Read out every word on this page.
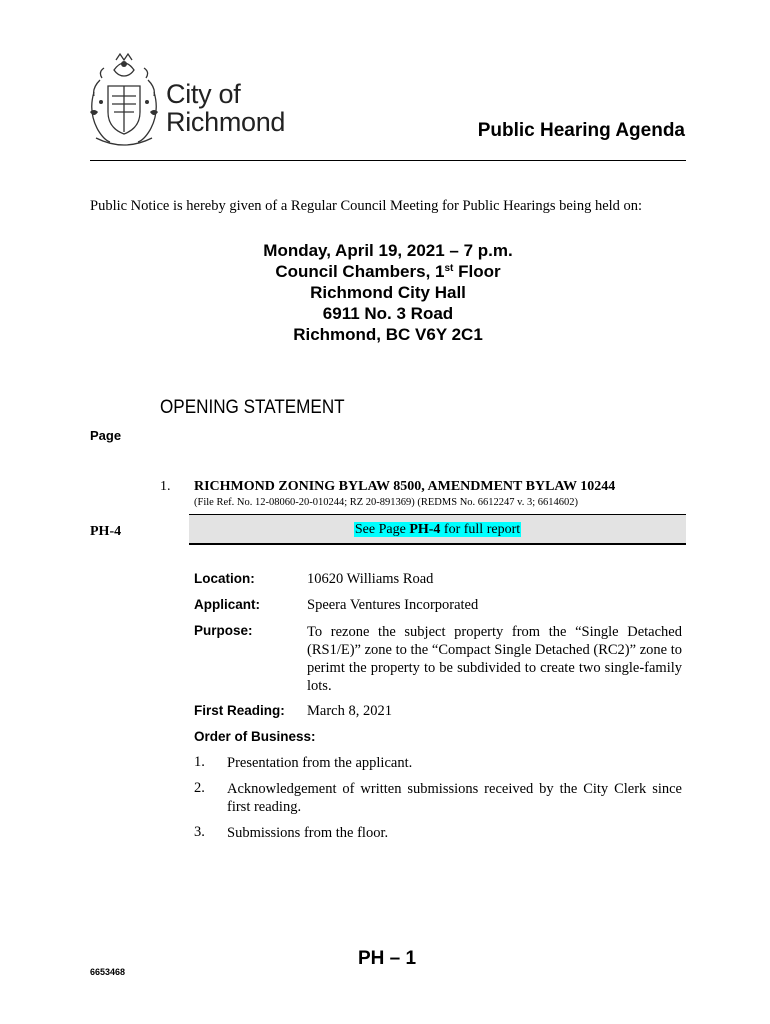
City of
Richmond	Public Hearing Agenda
Public Notice is hereby given of a Regular Council Meeting for Public Hearings being held on:
Monday, April 19, 2021 – 7 p.m.
Council Chambers, 1st Floor
Richmond City Hall
6911 No. 3 Road
Richmond, BC V6Y 2C1
OPENING STATEMENT
Page
1. RICHMOND ZONING BYLAW 8500, AMENDMENT BYLAW 10244
(File Ref. No. 12-08060-20-010244; RZ 20-891369) (REDMS No. 6612247 v. 3; 6614602)
PH-4	See Page PH-4 for full report
Location:	10620 Williams Road
Applicant:	Speera Ventures Incorporated
Purpose:	To rezone the subject property from the “Single Detached (RS1/E)” zone to the “Compact Single Detached (RC2)” zone to perimt the property to be subdivided to create two single-family lots.
First Reading: March 8, 2021
Order of Business:
1. Presentation from the applicant.
2. Acknowledgement of written submissions received by the City Clerk since first reading.
3. Submissions from the floor.
PH – 1
6653468
